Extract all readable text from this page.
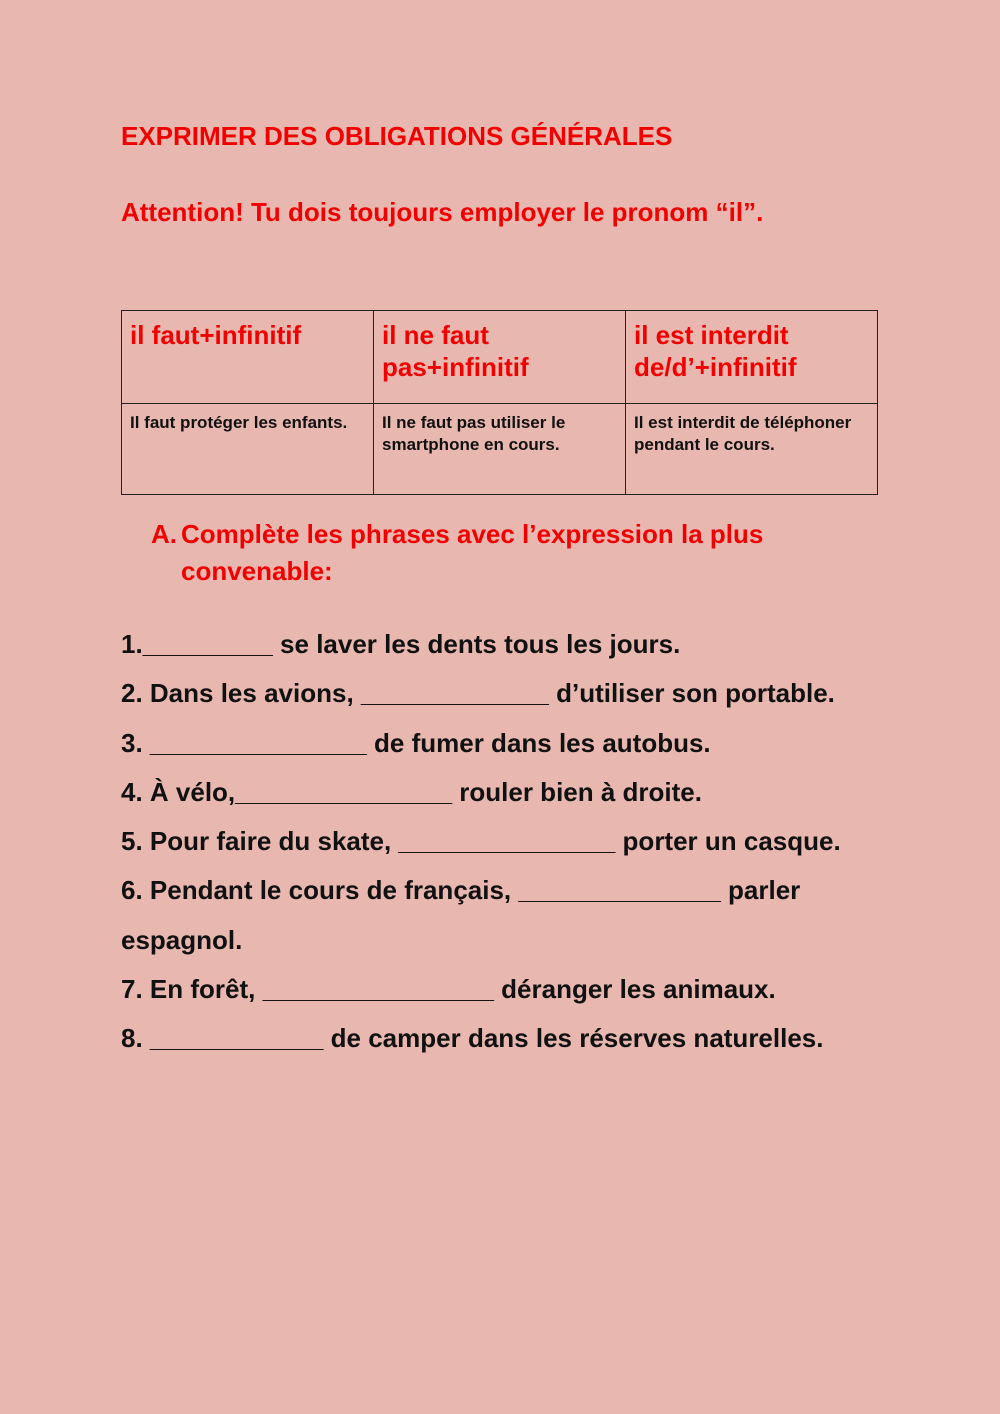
EXPRIMER DES OBLIGATIONS GÉNÉRALES
Attention! Tu dois toujours employer le pronom “il”.
il faut+infinitif	il ne faut pas+infinitif	il est interdit de/d’+infinitif
Il faut protéger les enfants.	Il ne faut pas utiliser le smartphone en cours.	Il est interdit de téléphoner pendant le cours.
A. Complète les phrases avec l’expression la plus convenable:

1._________ se laver les dents tous les jours.

2. Dans les avions, _____________ d’utiliser son portable.

3. _______________ de fumer dans les autobus.

4. À vélo,_______________ rouler bien à droite.

5. Pour faire du skate, _______________ porter un casque.

6. Pendant le cours de français, ______________ parler espagnol.

7. En forêt, ________________ déranger les animaux.

8. ____________ de camper dans les réserves naturelles.
